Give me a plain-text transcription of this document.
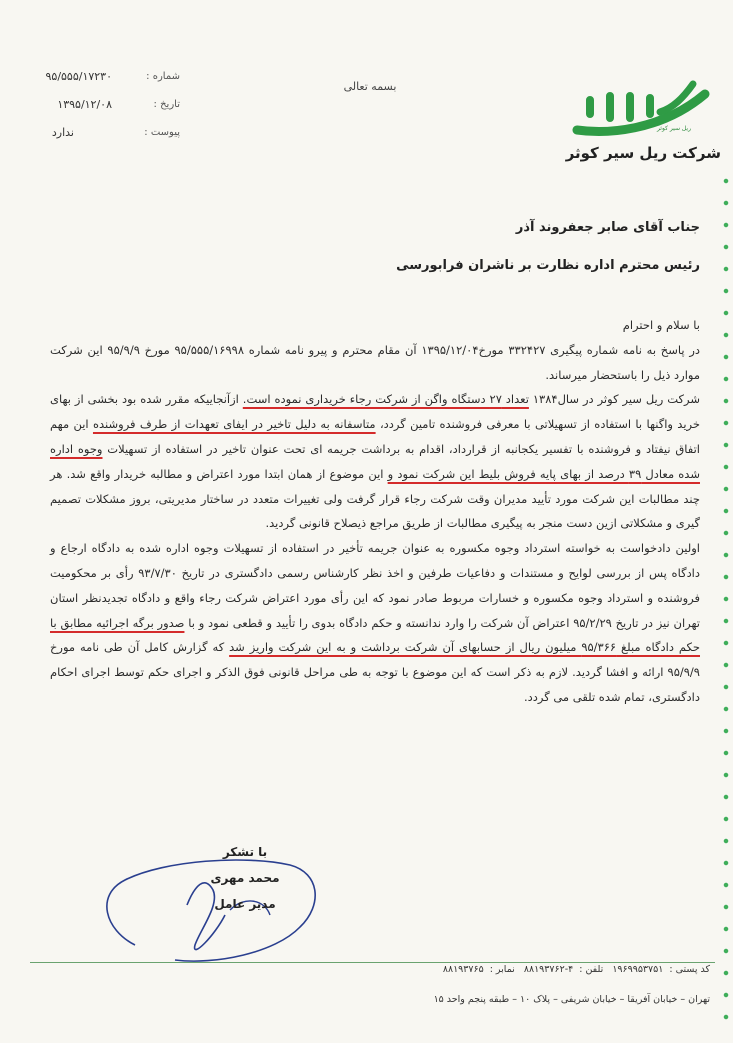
ریل سیر کوثر
شرکت ریل سیر کوثر
بسمه تعالی
شماره :
تاریخ :
پیوست :
۹۵/۵۵۵/۱۷۲۳۰
۱۳۹۵/۱۲/۰۸
ندارد
جناب آقای صابر جعفروند آذر
رئیس محترم اداره نظارت بر ناشران فرابورسی

با سلام و احترام

در پاسخ به نامه شماره پیگیری ۳۳۲۴۲۷ مورخ۱۳۹۵/۱۲/۰۴ آن مقام محترم و پیرو نامه شماره ۹۵/۵۵۵/۱۶۹۹۸ مورخ ۹۵/۹/۹ این شرکت موارد ذیل را باستحضار میرساند.

شرکت ریل سیر کوثر در سال۱۳۸۴ تعداد ۲۷ دستگاه واگن از شرکت رجاء خریداری نموده است. ازآنجاییکه مقرر شده بود بخشی از بهای خرید واگنها با استفاده از تسهیلاتی با معرفی فروشنده تامین گردد، متاسفانه به دلیل تاخیر در ایفای تعهدات از طرف فروشنده این مهم اتفاق نیفتاد و فروشنده با تفسیر یکجانبه از قرارداد، اقدام به برداشت جریمه ای تحت عنوان تاخیر در استفاده از تسهیلات وجوه اداره شده معادل ۳۹ درصد از بهای پایه فروش بلیط این شرکت نمود و این موضوع از همان ابتدا مورد اعتراض و مطالبه خریدار واقع شد. هر چند مطالبات این شرکت مورد تأیید مدیران وقت شرکت رجاء قرار گرفت ولی تغییرات متعدد در ساختار مدیریتی، بروز مشکلات تصمیم گیری و مشکلاتی ازین دست منجر به پیگیری مطالبات از طریق مراجع ذیصلاح قانونی گردید.

اولین دادخواست به خواسته استرداد وجوه مکسوره به عنوان جریمه تأخیر در استفاده از تسهیلات وجوه اداره شده به دادگاه ارجاع و دادگاه پس از بررسی لوایح و مستندات و دفاعیات طرفین و اخذ نظر کارشناس رسمی دادگستری در تاریخ ۹۳/۷/۳۰ رأی بر محکومیت فروشنده و استرداد وجوه مکسوره و خسارات مربوط صادر نمود که این رأی مورد اعتراض شرکت رجاء واقع و دادگاه تجدیدنظر استان تهران نیز در تاریخ ۹۵/۲/۲۹ اعتراض آن شرکت را وارد ندانسته و حکم دادگاه بدوی را تأیید و قطعی نمود و با صدور برگه اجرائیه مطابق با حکم دادگاه مبلغ ۹۵/۳۶۶ میلیون ریال از حسابهای آن شرکت برداشت و به این شرکت واریز شد که گزارش کامل آن طی نامه مورخ ۹۵/۹/۹ ارائه و افشا گردید. لازم به ذکر است که این موضوع با توجه به طی مراحل قانونی فوق الذکر و اجرای حکم توسط اجرای احکام دادگستری، تمام شده تلقی می گردد.

با تشکر
محمد مهری
مدیر عامل
کد پستی :۱۹۶۹۹۵۳۷۵۱ تلفن :۴-۸۸۱۹۳۷۶۲ نمابر :۸۸۱۹۳۷۶۵
تهران – خیابان آفریقا – خیابان شریفی – پلاک ۱۰ – طبقه پنجم واحد ۱۵
